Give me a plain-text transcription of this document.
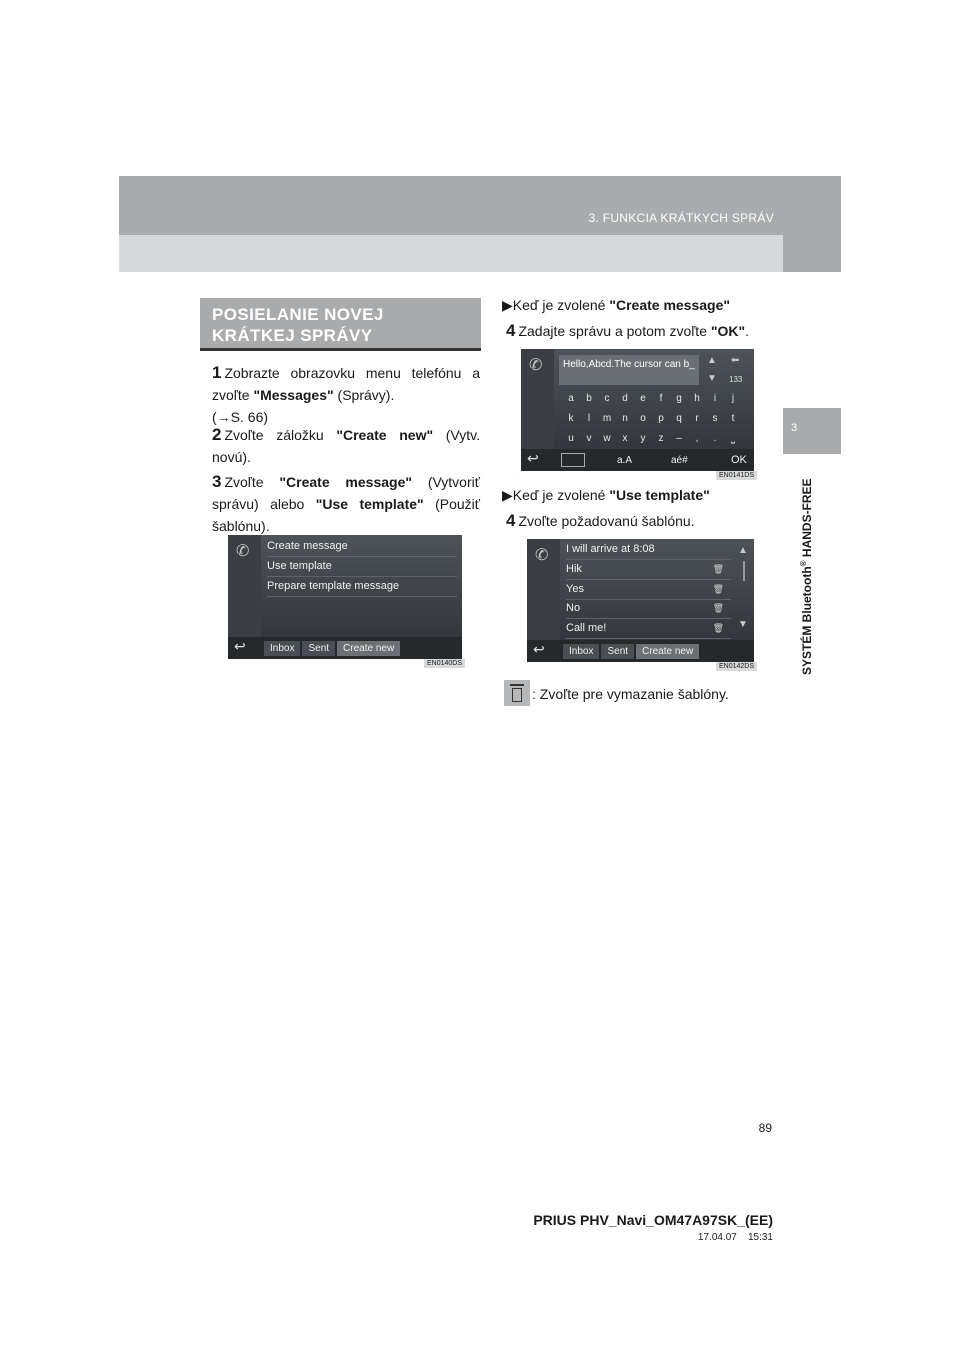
3. FUNKCIA KRÁTKYCH SPRÁV
3
SYSTÉM Bluetooth® HANDS-FREE
POSIELANIE NOVEJ
KRÁTKEJ SPRÁVY
1 Zobrazte obrazovku menu telefónu a zvoľte "Messages" (Správy).
(→S. 66)
2 Zvoľte záložku "Create new" (Vytv. novú).
3 Zvoľte "Create message" (Vytvoriť správu) alebo "Use template" (Použiť šablónu).
✆ Create message
Use template
Prepare template message
↩	Inbox	Sent	Create new
EN0140DS
▶Keď je zvolené "Create message"
4 Zadajte správu a potom zvoľte "OK".
✆	Hello,Abcd.The cursor can b_	▲
▼
⬅
133
a	b	c	d	e	f	g	h	i	j
k	l	m	n	o	p	q	r	s	t
u	v	w	x	y	z	–	,	.	⎵
↩	a.A	aé#	OK
EN0141DS
▶Keď je zvolené "Use template"
4 Zvoľte požadovanú šablónu.
✆ I will arrive at 8:08
Hik
Yes
No
Call me!
🗑
🗑
🗑
🗑
▲
▼
↩	Inbox	Sent	Create new
EN0142DS
: Zvoľte pre vymazanie šablóny.
89
PRIUS PHV_Navi_OM47A97SK_(EE)
17.04.07    15:31
